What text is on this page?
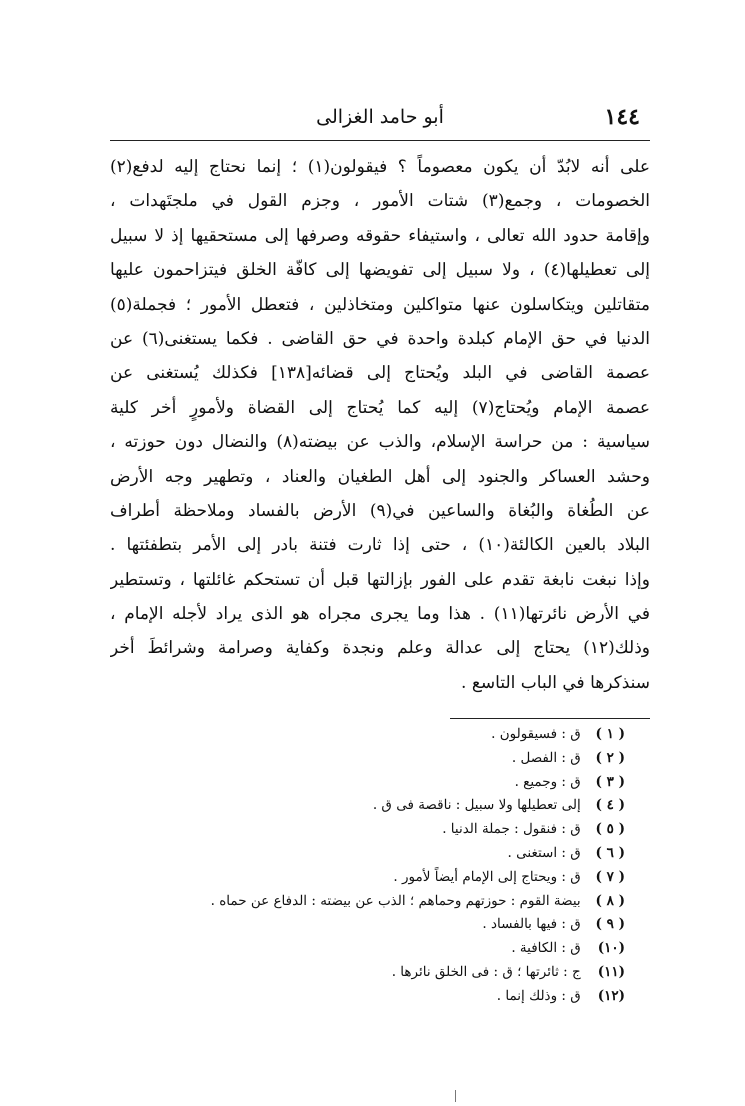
١٤٤
أبو حامد الغزالى
على أنه لابُدّ أن يكون معصوماً ؟ فيقولون(١) ؛ إنما نحتاج إليه لدفع(٢)
الخصومات ، وجمع(٣) شتات الأمور ، وجزم القول في ملجتَهدات ،
وإقامة حدود الله تعالى ، واستيفاء حقوقه وصرفها إلى مستحقيها إذ لا سبيل
إلى تعطيلها(٤) ، ولا سبيل إلى تفويضها إلى كافّة الخلق فيتزاحمون عليها
متقاتلين ويتكاسلون عنها متواكلين ومتخاذلين ، فتعطل الأمور ؛ فجملة(٥)
الدنيا في حق الإمام كبلدة واحدة في حق القاضى . فكما يستغنى(٦) عن
عصمة القاضى في البلد ويُحتاج إلى قضائه[١٣٨] فكذلك يُستغنى عن
عصمة الإمام ويُحتاج(٧) إليه كما يُحتاج إلى القضاة ولأمورٍ أخر كلية
سياسية : من حراسة الإسلام، والذب عن بيضته(٨) والنضال دون حوزته ،
وحشد العساكر والجنود إلى أهل الطغيان والعناد ، وتطهير وجه الأرض
عن الطُغاة والبُغاة والساعين في(٩) الأرض بالفساد وملاحظة أطراف
البلاد بالعين الكالئة(١٠) ، حتى إذا ثارت فتنة بادر إلى الأمر بتطفئتها .
وإذا نبغت نابغة تقدم على الفور بإزالتها قبل أن تستحكم غائلتها ، وتستطير
في الأرض نائرتها(١١) . هذا وما يجرى مجراه هو الذى يراد لأجله الإمام ،
وذلك(١٢) يحتاج إلى عدالة وعلم ونجدة وكفاية وصرامة وشرائطَ أخر
سنذكرها في الباب التاسع .
( ١ ) ق : فسيقولون .
( ٢ ) ق : الفصل .
( ٣ ) ق : وجميع .
( ٤ ) إلى تعطيلها ولا سبيل : ناقصة فى ق .
( ٥ ) ق : فنقول : جملة الدنيا .
( ٦ ) ق : استغنى .
( ٧ ) ق : ويحتاج إلى الإمام أيضاً لأمور .
( ٨ ) بيضة القوم : حوزتهم وحماهم ؛ الذب عن بيضته : الدفاع عن حماه .
( ٩ ) ق : فيها بالفساد .
(١٠) ق : الكافية .
(١١) ج : ثائرتها ؛ ق : فى الخلق نائرها .
(١٢) ق : وذلك إنما .
